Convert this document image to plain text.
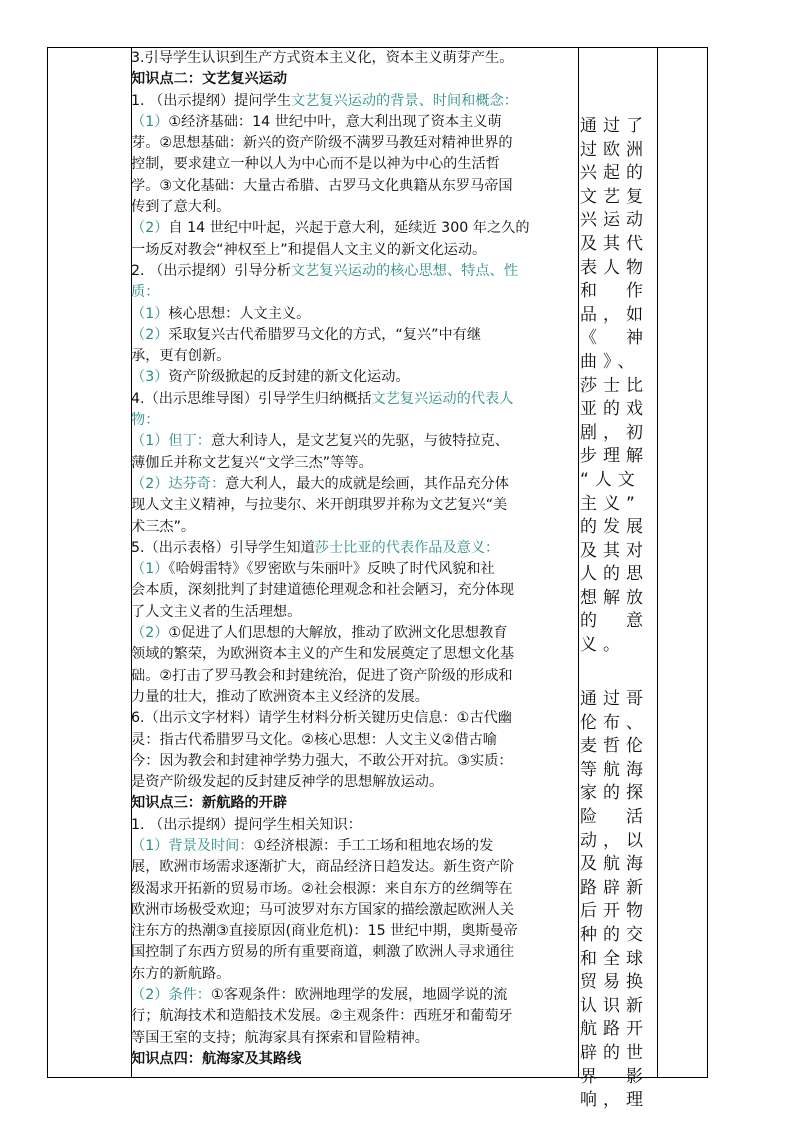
3.引导学生认识到生产方式资本主义化，资本主义萌芽产生。
知识点二：文艺复兴运动
1. （出示提纲）提问学生文艺复兴运动的背景、时间和概念：
（1）①经济基础：14 世纪中叶，意大利出现了资本主义萌
芽。②思想基础：新兴的资产阶级不满罗马教廷对精神世界的
控制，要求建立一种以人为中心而不是以神为中心的生活哲
学。③文化基础：大量古希腊、古罗马文化典籍从东罗马帝国
传到了意大利。
（2）自 14 世纪中叶起，兴起于意大利，延续近 300 年之久的
一场反对教会“神权至上”和提倡人文主义的新文化运动。
2. （出示提纲）引导分析文艺复兴运动的核心思想、特点、性
质：
（1）核心思想：人文主义。
（2）采取复兴古代希腊罗马文化的方式，“复兴”中有继
承，更有创新。
（3）资产阶级掀起的反封建的新文化运动。
4.（出示思维导图）引导学生归纳概括文艺复兴运动的代表人
物：
（1）但丁：意大利诗人，是文艺复兴的先驱，与彼特拉克、
薄伽丘并称文艺复兴“文学三杰”等等。
（2）达芬奇：意大利人，最大的成就是绘画，其作品充分体
现人文主义精神，与拉斐尔、米开朗琪罗并称为文艺复兴“美
术三杰”。
5.（出示表格）引导学生知道莎士比亚的代表作品及意义：
（1）《哈姆雷特》《罗密欧与朱丽叶》反映了时代风貌和社
会本质，深刻批判了封建道德伦理观念和社会陋习，充分体现
了人文主义者的生活理想。
（2）①促进了人们思想的大解放，推动了欧洲文化思想教育
领域的繁荣，为欧洲资本主义的产生和发展奠定了思想文化基
础。②打击了罗马教会和封建统治，促进了资产阶级的形成和
力量的壮大，推动了欧洲资本主义经济的发展。
6.（出示文字材料）请学生材料分析关键历史信息：①古代幽
灵：指古代希腊罗马文化。②核心思想：人文主义②借古喻
今：因为教会和封建神学势力强大，不敢公开对抗。③实质：
是资产阶级发起的反封建反神学的思想解放运动。
知识点三：新航路的开辟
1. （出示提纲）提问学生相关知识：
（1）背景及时间：①经济根源：手工工场和租地农场的发
展，欧洲市场需求逐渐扩大，商品经济日趋发达。新生资产阶
级渴求开拓新的贸易市场。②社会根源：来自东方的丝绸等在
欧洲市场极受欢迎；马可波罗对东方国家的描绘激起欧洲人关
注东方的热潮③直接原因(商业危机)：15 世纪中期，奥斯曼帝
国控制了东西方贸易的所有重要商道，刺激了欧洲人寻求通往
东方的新航路。
（2）条件：①客观条件：欧洲地理学的发展，地圆学说的流
行；航海技术和造船技术发展。②主观条件：西班牙和葡萄牙
等国王室的支持；航海家具有探索和冒险精神。
知识点四：航海家及其路线
通过了
过欧洲
兴起的
文艺复
兴运动
及其代
表人物
和　作
品，如
《　神
曲》、
莎士比
亚的戏
剧，初
步理解
“人文
主义”
的发展
及其对
人的思
想解放
的　意
义。
通过哥
伦布、
麦哲伦
等航海
家的探
险　活
动，以
及航海
路辟新
后开物
种的交
和全球
贸易换
认识新
航路开
辟的世
界　影
响，理
